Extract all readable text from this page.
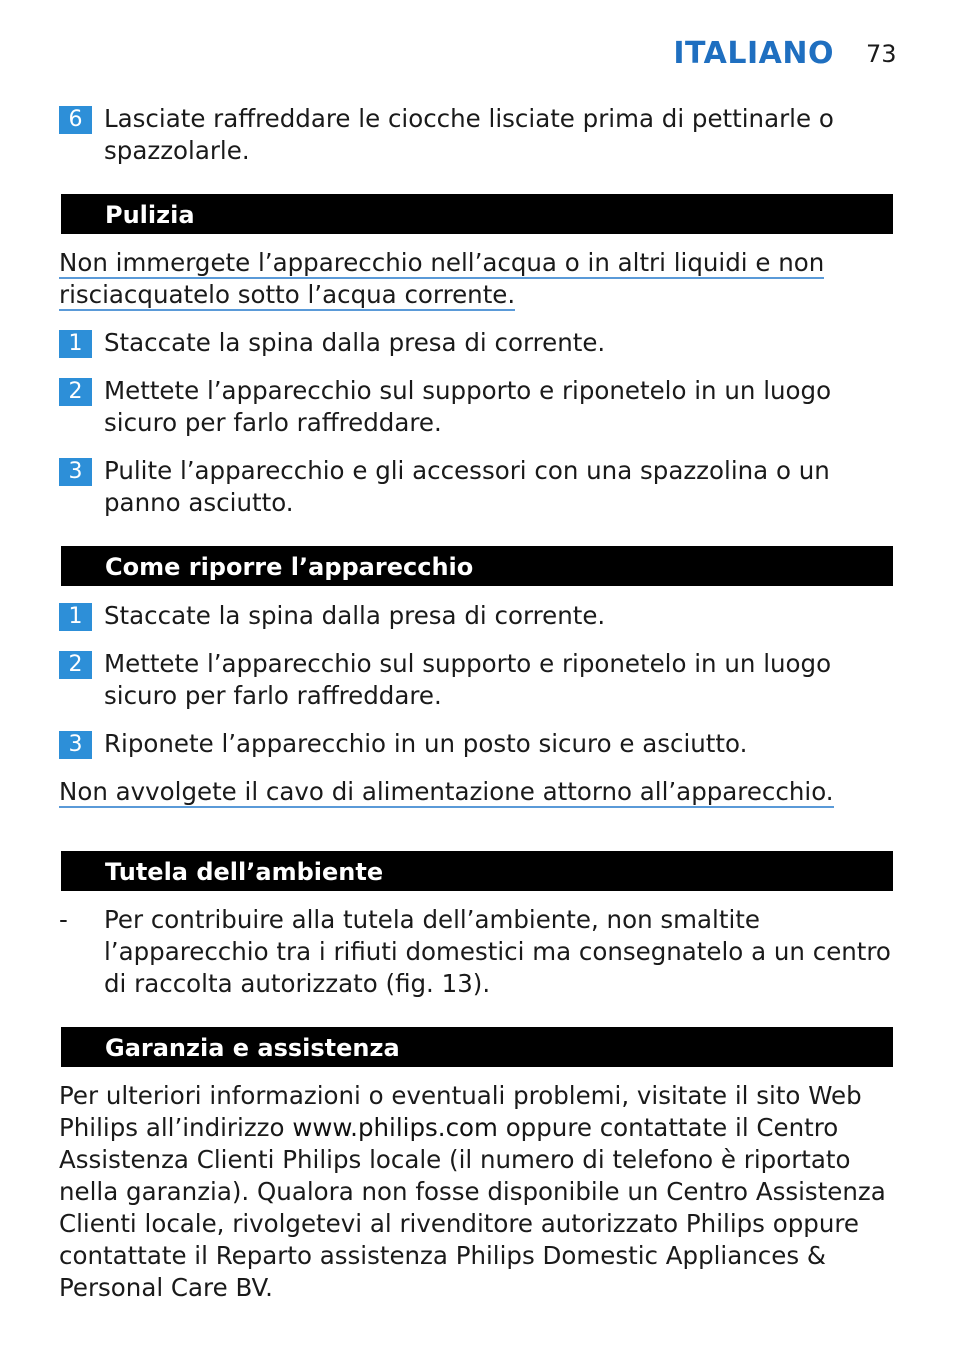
ITALIANO 73
6 Lasciate raffreddare le ciocche lisciate prima di pettinarle o spazzolarle.
Pulizia
Non immergete l’apparecchio nell’acqua o in altri liquidi e non risciacquatelo sotto l’acqua corrente.
1 Staccate la spina dalla presa di corrente.
2 Mettete l’apparecchio sul supporto e riponetelo in un luogo sicuro per farlo raffreddare.
3 Pulite l’apparecchio e gli accessori con una spazzolina o un panno asciutto.
Come riporre l’apparecchio
1 Staccate la spina dalla presa di corrente.
2 Mettete l’apparecchio sul supporto e riponetelo in un luogo sicuro per farlo raffreddare.
3 Riponete l’apparecchio in un posto sicuro e asciutto.
Non avvolgete il cavo di alimentazione attorno all’apparecchio.
Tutela dell’ambiente
- Per contribuire alla tutela dell’ambiente, non smaltite l’apparecchio tra i rifiuti domestici ma consegnatelo a un centro di raccolta autorizzato (fig. 13).
Garanzia e assistenza
Per ulteriori informazioni o eventuali problemi, visitate il sito Web Philips all’indirizzo www.philips.com oppure contattate il Centro Assistenza Clienti Philips locale (il numero di telefono è riportato nella garanzia). Qualora non fosse disponibile un Centro Assistenza Clienti locale, rivolgetevi al rivenditore autorizzato Philips oppure contattate il Reparto assistenza Philips Domestic Appliances & Personal Care BV.
